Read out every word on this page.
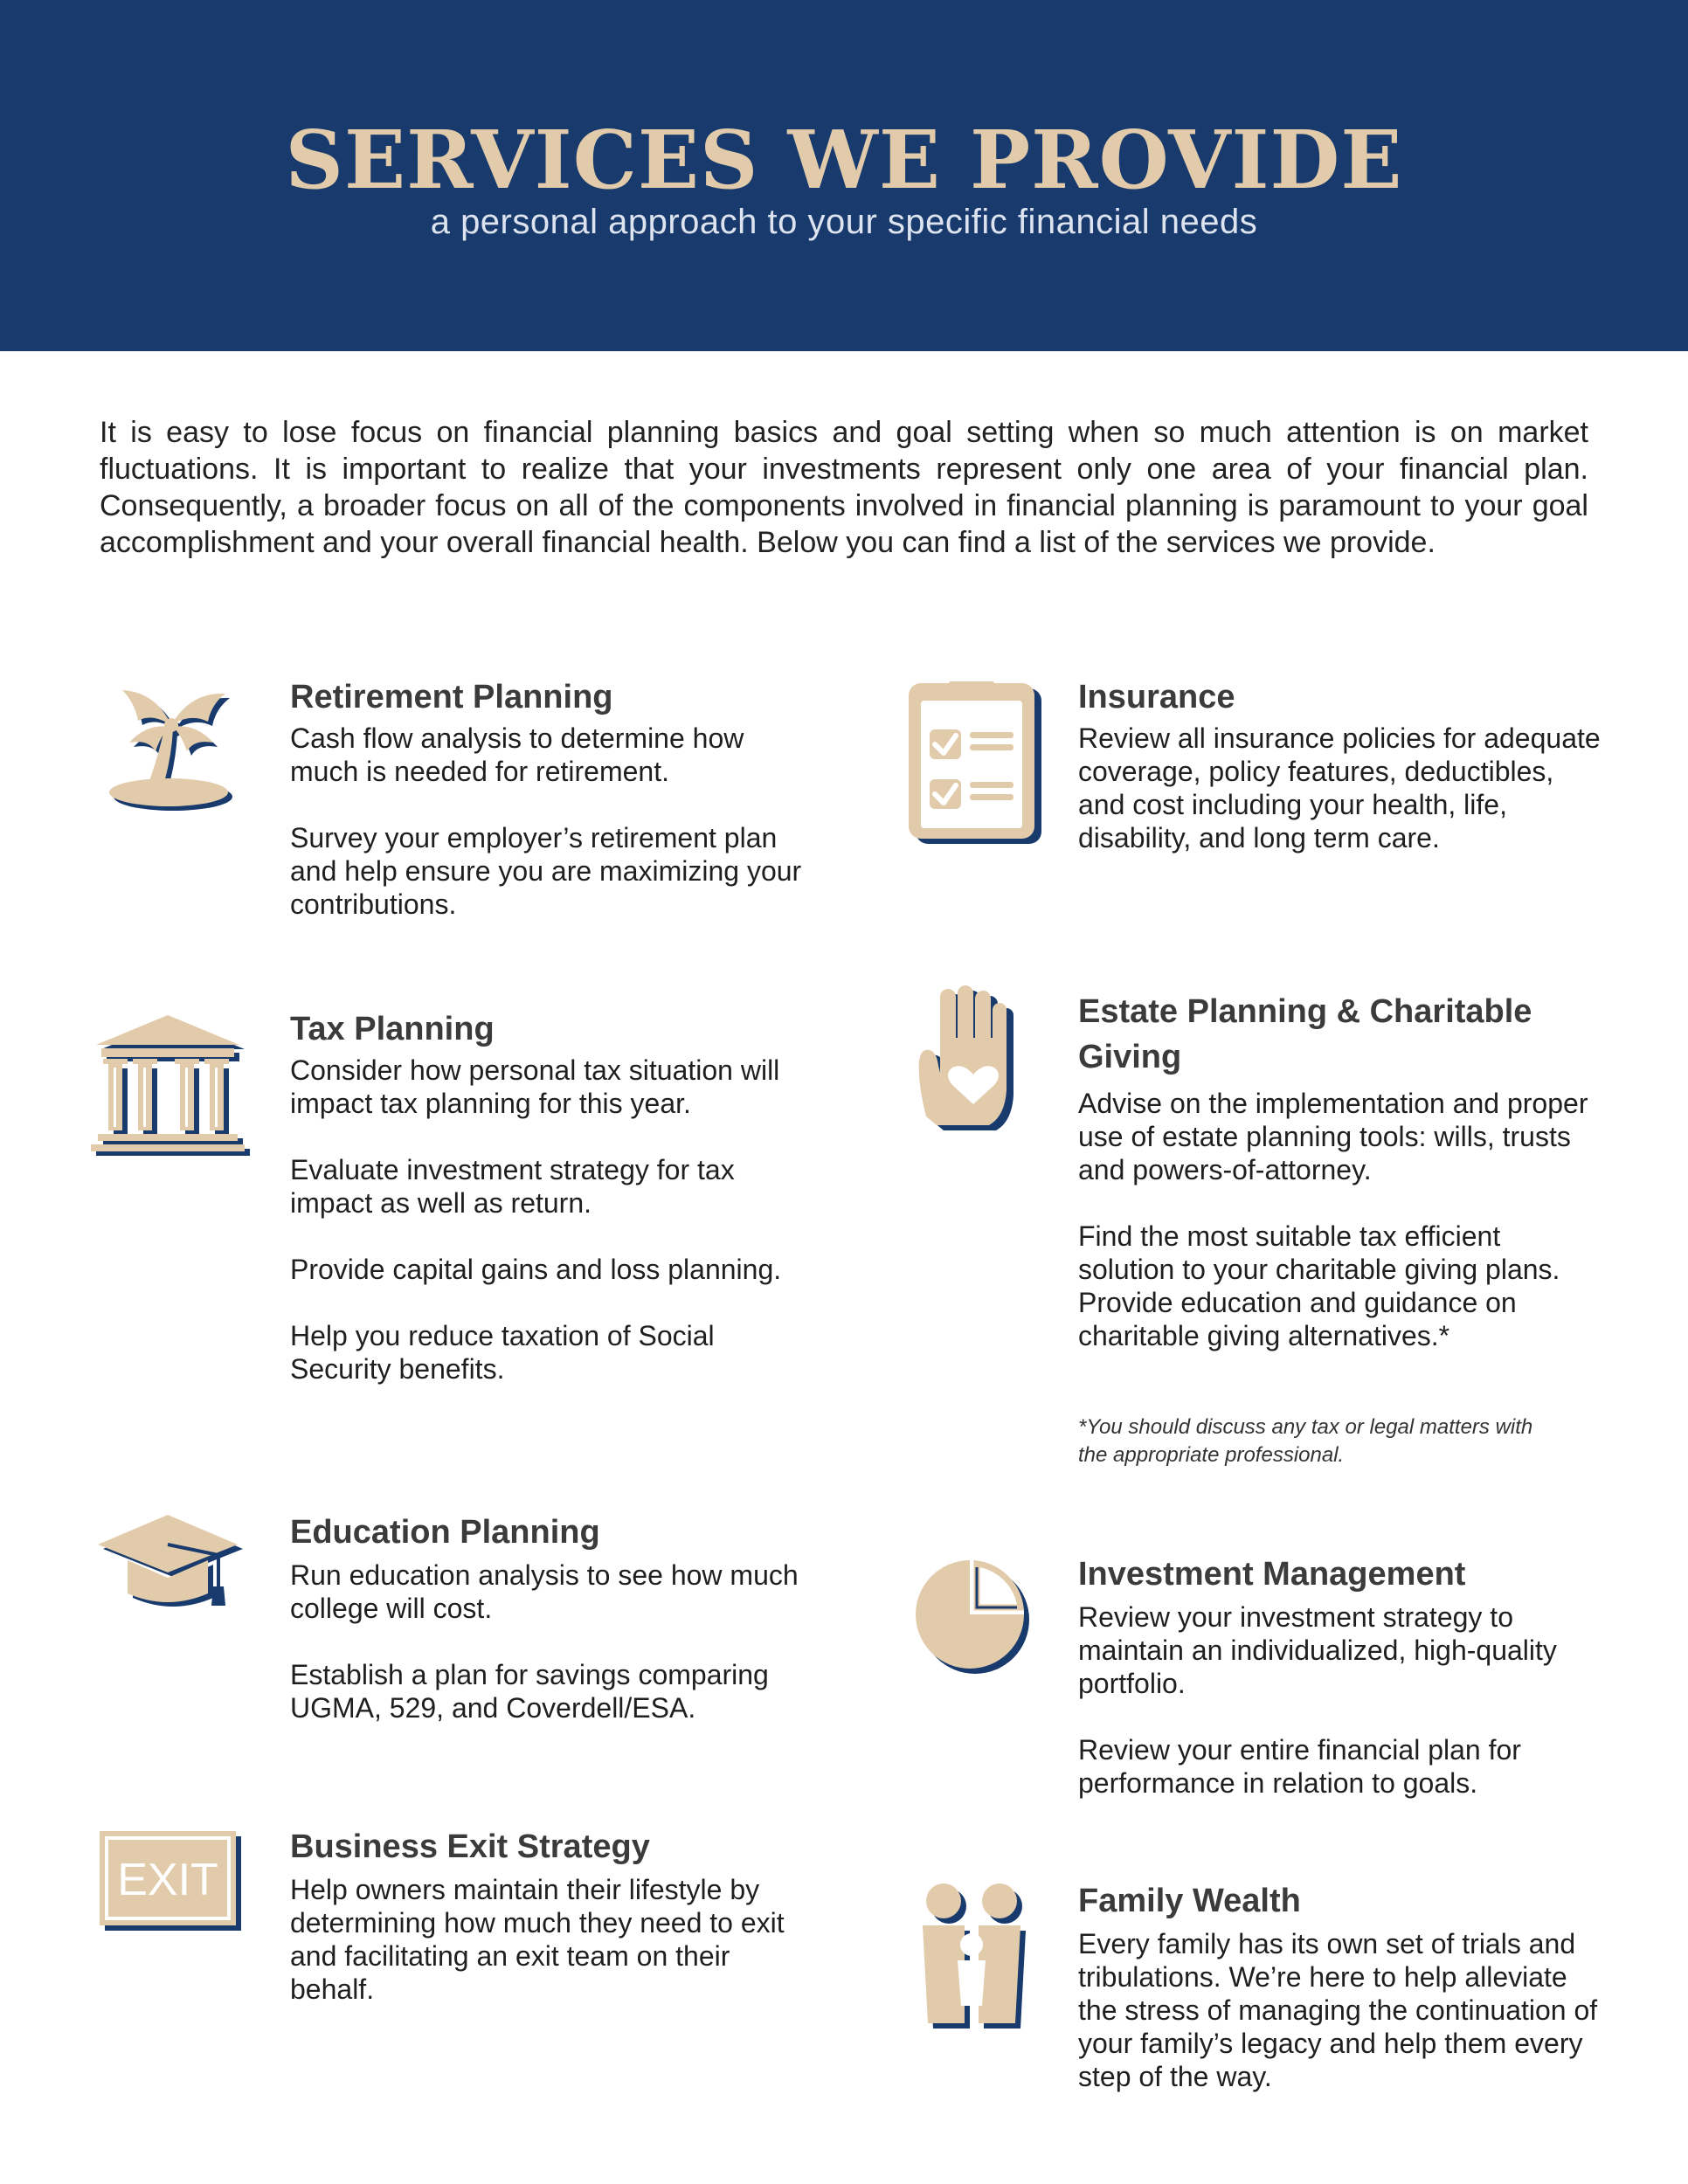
SERVICES WE PROVIDE
a personal approach to your specific financial needs
It is easy to lose focus on financial planning basics and goal setting when so much attention is on market fluctuations. It is important to realize that your investments represent only one area of your financial plan. Consequently, a broader focus on all of the components involved in financial planning is paramount to your goal accomplishment and your overall financial health. Below you can find a list of the services we provide.
Retirement Planning

Cash flow analysis to determine how much is needed for retirement.

Survey your employer’s retirement plan and help ensure you are maximizing your contributions.

Insurance

Review all insurance policies for adequate coverage, policy features, deductibles, and cost including your health, life, disability, and long term care.

Tax Planning

Consider how personal tax situation will impact tax planning for this year.

Evaluate investment strategy for tax impact as well as return.

Provide capital gains and loss planning.

Help you reduce taxation of Social Security benefits.

Estate Planning & Charitable Giving

Advise on the implementation and proper use of estate planning tools: wills, trusts and powers-of-attorney.

Find the most suitable tax efficient solution to your charitable giving plans. Provide education and guidance on charitable giving alternatives.*

*You should discuss any tax or legal matters with the appropriate professional.
Education Planning

Run education analysis to see how much college will cost.

Establish a plan for savings comparing UGMA, 529, and Coverdell/ESA.

Investment Management

Review your investment strategy to maintain an individualized, high-quality portfolio.

Review your entire financial plan for performance in relation to goals.

EXIT
Business Exit Strategy

Help owners maintain their lifestyle by determining how much they need to exit and facilitating an exit team on their behalf.

Family Wealth

Every family has its own set of trials and tribulations. We’re here to help alleviate the stress of managing the continuation of your family’s legacy and help them every step of the way.
